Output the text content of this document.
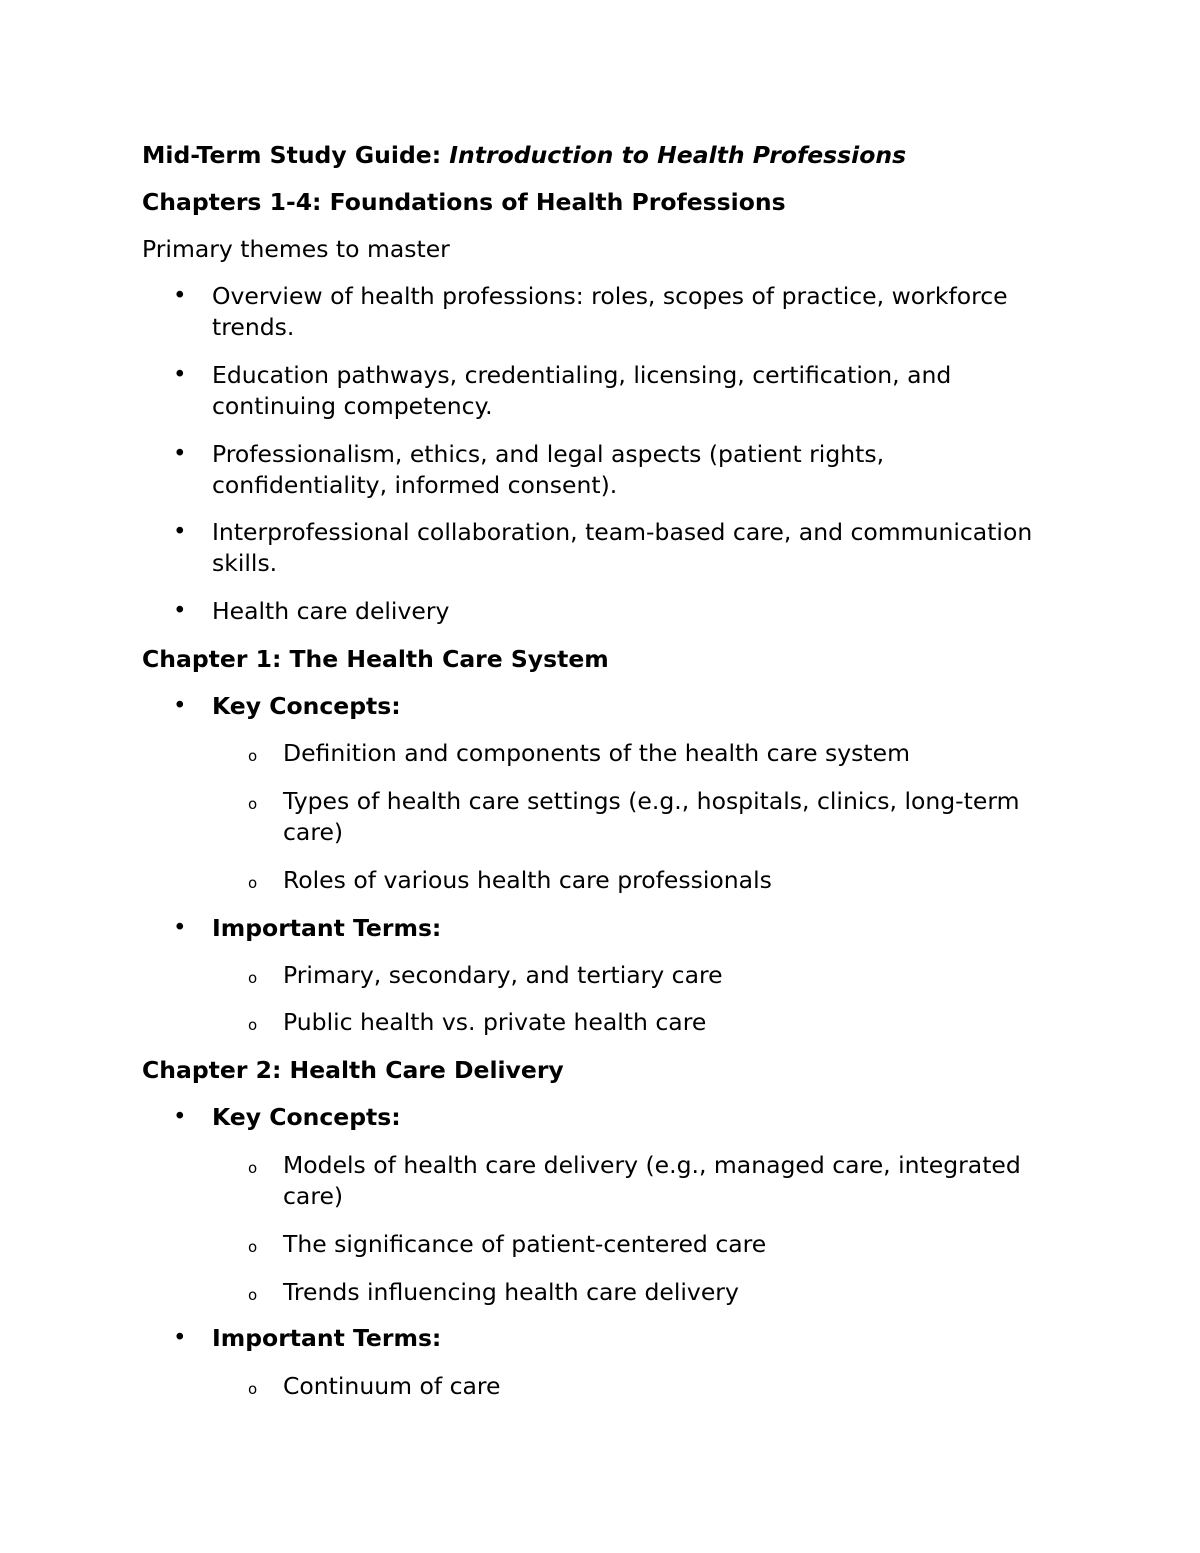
Mid-Term Study Guide: Introduction to Health Professions

Chapters 1-4: Foundations of Health Professions

Primary themes to master

• Overview of health professions: roles, scopes of practice, workforce

trends.

• Education pathways, credentialing, licensing, certification, and

continuing competency.

• Professionalism, ethics, and legal aspects (patient rights,

confidentiality, informed consent).

• Interprofessional collaboration, team-based care, and communication

skills.

• Health care delivery

Chapter 1: The Health Care System

• Key Concepts:

o Definition and components of the health care system

o Types of health care settings (e.g., hospitals, clinics, long-term

care)

o Roles of various health care professionals

• Important Terms:

o Primary, secondary, and tertiary care

o Public health vs. private health care

Chapter 2: Health Care Delivery

• Key Concepts:

o Models of health care delivery (e.g., managed care, integrated

care)

o The significance of patient-centered care

o Trends influencing health care delivery

• Important Terms:

o Continuum of care
